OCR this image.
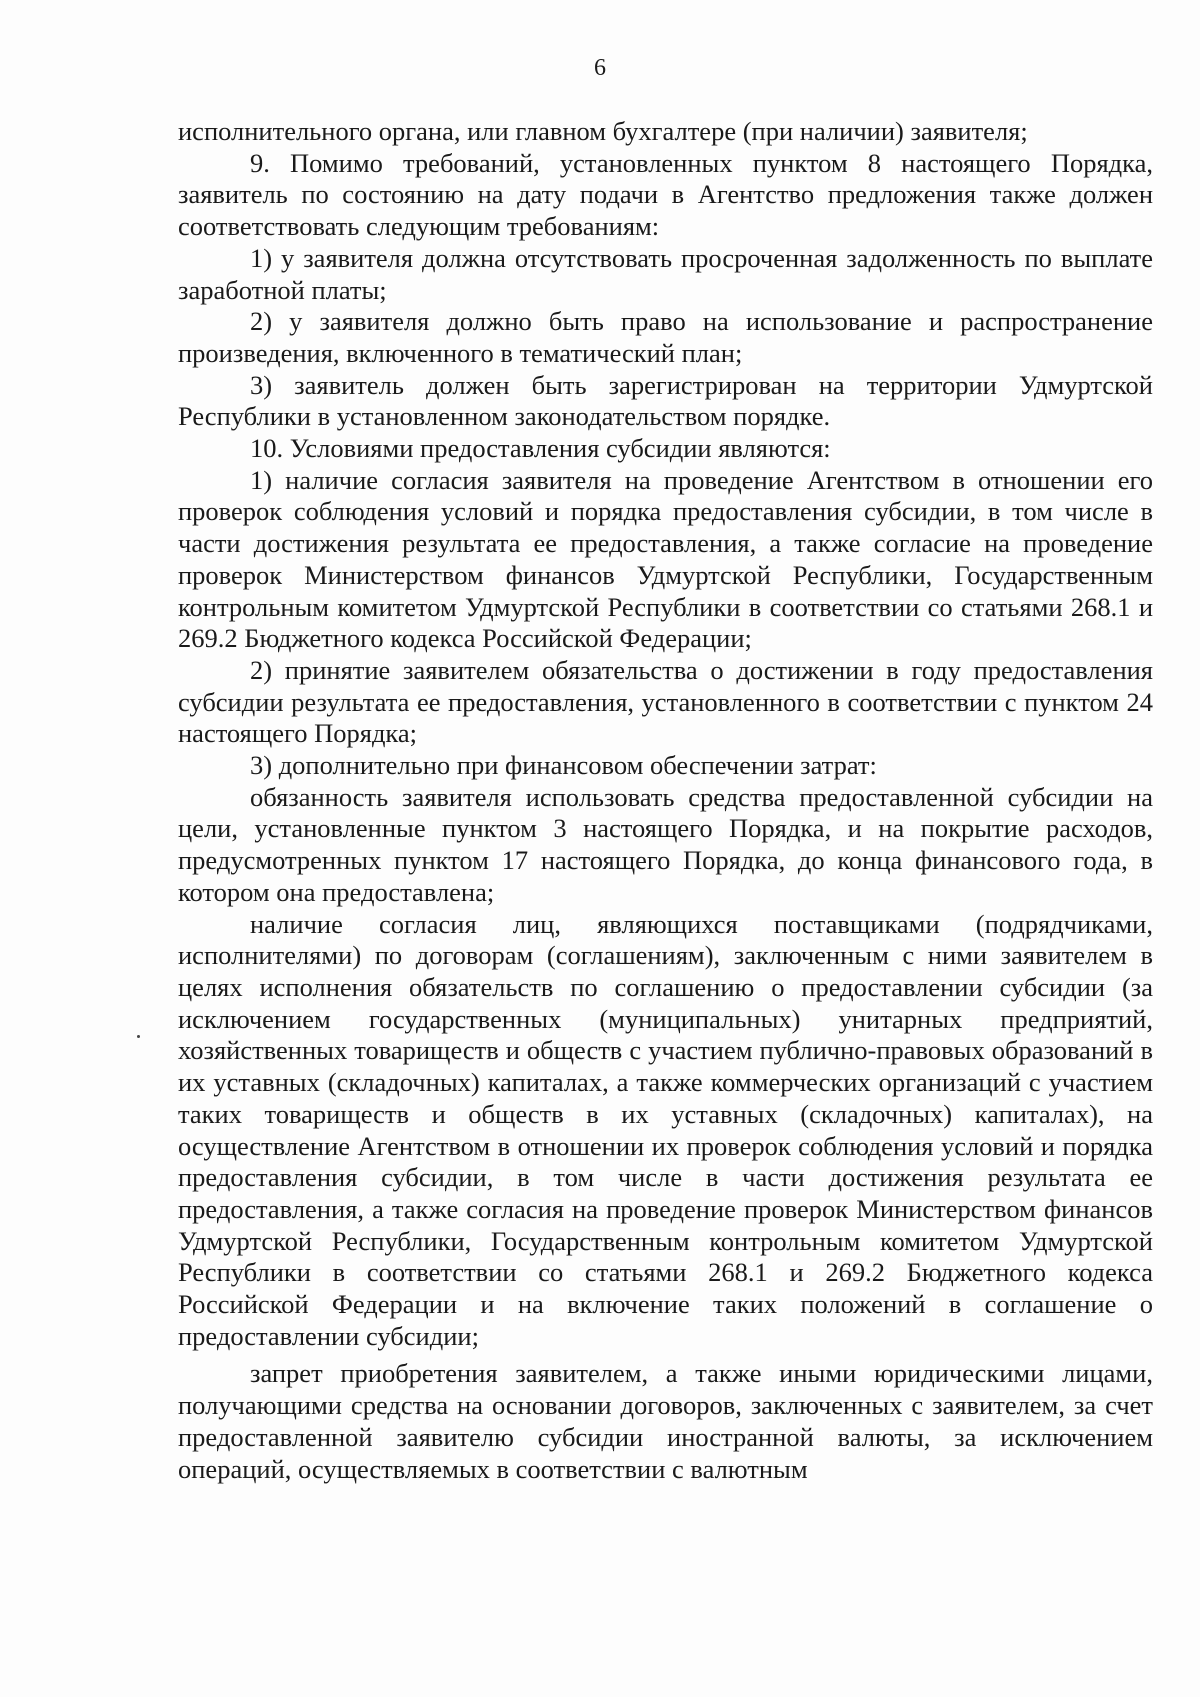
6

исполнительного органа, или главном бухгалтере (при наличии) заявителя;

9. Помимо требований, установленных пунктом 8 настоящего Порядка, заявитель по состоянию на дату подачи в Агентство предложения также должен соответствовать следующим требованиям:

1) у заявителя должна отсутствовать просроченная задолженность по выплате заработной платы;

2) у заявителя должно быть право на использование и распространение произведения, включенного в тематический план;

3) заявитель должен быть зарегистрирован на территории Удмуртской Республики в установленном законодательством порядке.

10. Условиями предоставления субсидии являются:

1) наличие согласия заявителя на проведение Агентством в отношении его проверок соблюдения условий и порядка предоставления субсидии, в том числе в части достижения результата ее предоставления, а также согласие на проведение проверок Министерством финансов Удмуртской Республики, Государственным контрольным комитетом Удмуртской Республики в соответствии со статьями 268.1 и 269.2 Бюджетного кодекса Российской Федерации;

2) принятие заявителем обязательства о достижении в году предоставления субсидии результата ее предоставления, установленного в соответствии с пунктом 24 настоящего Порядка;

3) дополнительно при финансовом обеспечении затрат:

обязанность заявителя использовать средства предоставленной субсидии на цели, установленные пунктом 3 настоящего Порядка, и на покрытие расходов, предусмотренных пунктом 17 настоящего Порядка, до конца финансового года, в котором она предоставлена;

наличие согласия лиц, являющихся поставщиками (подрядчиками, исполнителями) по договорам (соглашениям), заключенным с ними заявителем в целях исполнения обязательств по соглашению о предоставлении субсидии (за исключением государственных (муниципальных) унитарных предприятий, хозяйственных товариществ и обществ с участием публично-правовых образований в их уставных (складочных) капиталах, а также коммерческих организаций с участием таких товариществ и обществ в их уставных (складочных) капиталах), на осуществление Агентством в отношении их проверок соблюдения условий и порядка предоставления субсидии, в том числе в части достижения результата ее предоставления, а также согласия на проведение проверок Министерством финансов Удмуртской Республики, Государственным контрольным комитетом Удмуртской Республики в соответствии со статьями 268.1 и 269.2 Бюджетного кодекса Российской Федерации и на включение таких положений в соглашение о предоставлении субсидии;

запрет приобретения заявителем, а также иными юридическими лицами, получающими средства на основании договоров, заключенных с заявителем, за счет предоставленной заявителю субсидии иностранной валюты, за исключением операций, осуществляемых в соответствии с валютным
